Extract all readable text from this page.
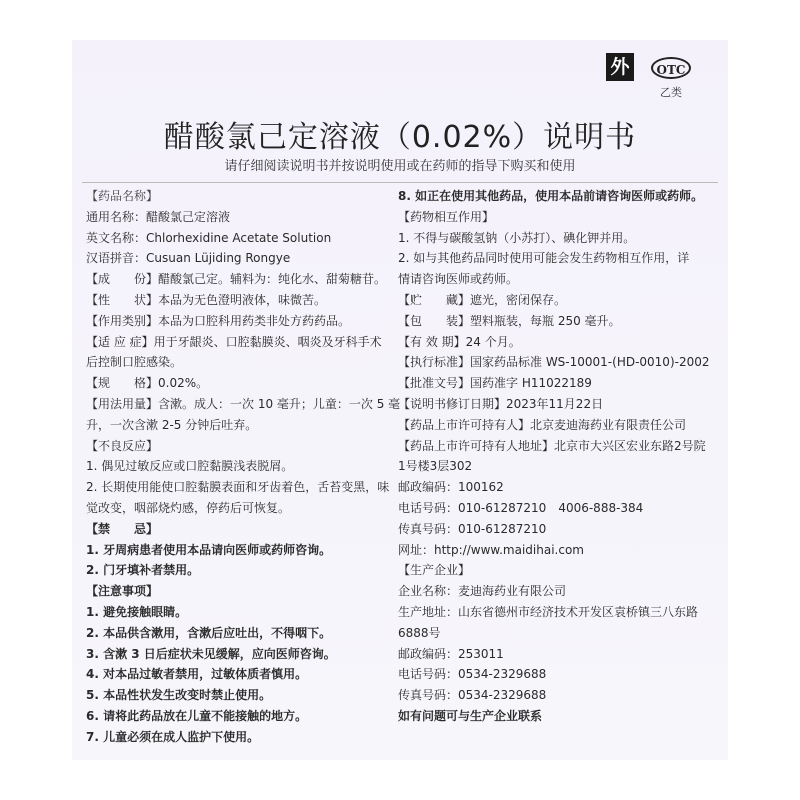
外	OTC
乙类
醋酸氯己定溶液（0.02%）说明书
请仔细阅读说明书并按说明使用或在药师的指导下购买和使用
【药品名称】
通用名称：醋酸氯己定溶液
英文名称：Chlorhexidine Acetate Solution
汉语拼音：Cusuan Lüjiding Rongye
【成　　份】醋酸氯己定。辅料为：纯化水、甜菊糖苷。
【性　　状】本品为无色澄明液体，味微苦。
【作用类别】本品为口腔科用药类非处方药药品。
【适 应 症】用于牙龈炎、口腔黏膜炎、咽炎及牙科手术
后控制口腔感染。
【规　　格】0.02%。
【用法用量】含漱。成人：一次 10 毫升；儿童：一次 5 毫
升，一次含漱 2-5 分钟后吐弃。
【不良反应】
1. 偶见过敏反应或口腔黏膜浅表脱屑。
2. 长期使用能使口腔黏膜表面和牙齿着色，舌苔变黑，味
觉改变，咽部烧灼感，停药后可恢复。
【禁　　忌】
1. 牙周病患者使用本品请向医师或药师咨询。
2. 门牙填补者禁用。
【注意事项】
1. 避免接触眼睛。
2. 本品供含漱用，含漱后应吐出，不得咽下。
3. 含漱 3 日后症状未见缓解，应向医师咨询。
4. 对本品过敏者禁用，过敏体质者慎用。
5. 本品性状发生改变时禁止使用。
6. 请将此药品放在儿童不能接触的地方。
7. 儿童必须在成人监护下使用。
8. 如正在使用其他药品，使用本品前请咨询医师或药师。
【药物相互作用】
1. 不得与碳酸氢钠（小苏打）、碘化钾并用。
2. 如与其他药品同时使用可能会发生药物相互作用，详
情请咨询医师或药师。
【贮　　藏】遮光，密闭保存。
【包　　装】塑料瓶装，每瓶 250 毫升。
【有 效 期】24 个月。
【执行标准】国家药品标准 WS-10001-(HD-0010)-2002
【批准文号】国药准字 H11022189
【说明书修订日期】2023年11月22日
【药品上市许可持有人】北京麦迪海药业有限责任公司
【药品上市许可持有人地址】北京市大兴区宏业东路2号院
1号楼3层302
邮政编码：100162
电话号码：010-61287210　4006-888-384
传真号码：010-61287210
网址：http://www.maidihai.com
【生产企业】
企业名称：麦迪海药业有限公司
生产地址：山东省德州市经济技术开发区袁桥镇三八东路
6888号
邮政编码：253011
电话号码：0534-2329688
传真号码：0534-2329688
如有问题可与生产企业联系
